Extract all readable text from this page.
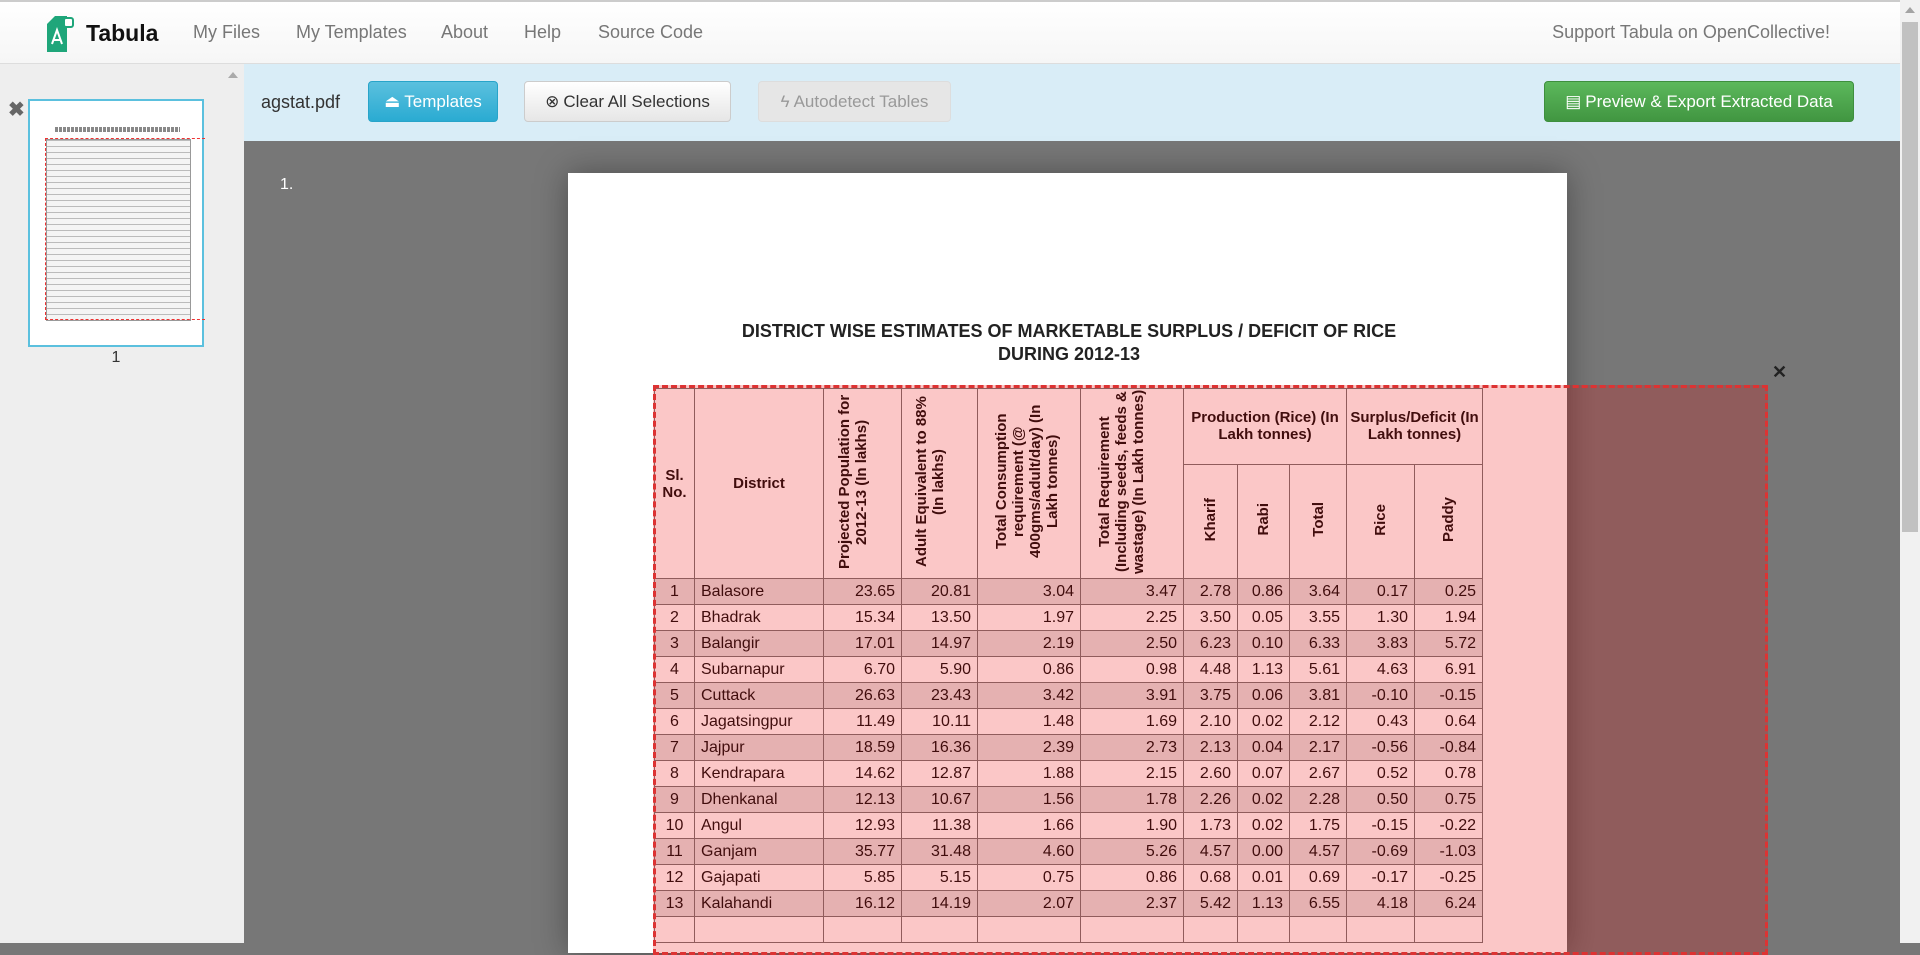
Tabula My Files My Templates About Help Source Code	Support Tabula on OpenCollective!
✖
1
agstat.pdf	⏏ Templates	⊗ Clear All Selections	ϟ Autodetect Tables	▤ Preview & Export Extracted Data
1.
DISTRICT WISE ESTIMATES OF MARKETABLE SURPLUS / DEFICIT OF RICE
DURING 2012-13
Sl. No.	District	Projected Population for 2012-13 (In lakhs)	Adult Equivalent to 88% (In lakhs)	Total Consumption requirement (@ 400gms/adult/day) (In Lakh tonnes)	Total Requirement (Including seeds, feeds & wastage) (In Lakh tonnes)	Production (Rice) (In Lakh tonnes)			Surplus/Deficit (In Lakh tonnes)	
						Kharif	Rabi	Total	Rice	Paddy
1	Balasore	23.65	20.81	3.04	3.47	2.78	0.86	3.64	0.17	0.25
2	Bhadrak	15.34	13.50	1.97	2.25	3.50	0.05	3.55	1.30	1.94
3	Balangir	17.01	14.97	2.19	2.50	6.23	0.10	6.33	3.83	5.72
4	Subarnapur	6.70	5.90	0.86	0.98	4.48	1.13	5.61	4.63	6.91
5	Cuttack	26.63	23.43	3.42	3.91	3.75	0.06	3.81	-0.10	-0.15
6	Jagatsingpur	11.49	10.11	1.48	1.69	2.10	0.02	2.12	0.43	0.64
7	Jajpur	18.59	16.36	2.39	2.73	2.13	0.04	2.17	-0.56	-0.84
8	Kendrapara	14.62	12.87	1.88	2.15	2.60	0.07	2.67	0.52	0.78
9	Dhenkanal	12.13	10.67	1.56	1.78	2.26	0.02	2.28	0.50	0.75
10	Angul	12.93	11.38	1.66	1.90	1.73	0.02	1.75	-0.15	-0.22
11	Ganjam	35.77	31.48	4.60	5.26	4.57	0.00	4.57	-0.69	-1.03
12	Gajapati	5.85	5.15	0.75	0.86	0.68	0.01	0.69	-0.17	-0.25
13	Kalahandi	16.12	14.19	2.07	2.37	5.42	1.13	6.55	4.18	6.24

✕
